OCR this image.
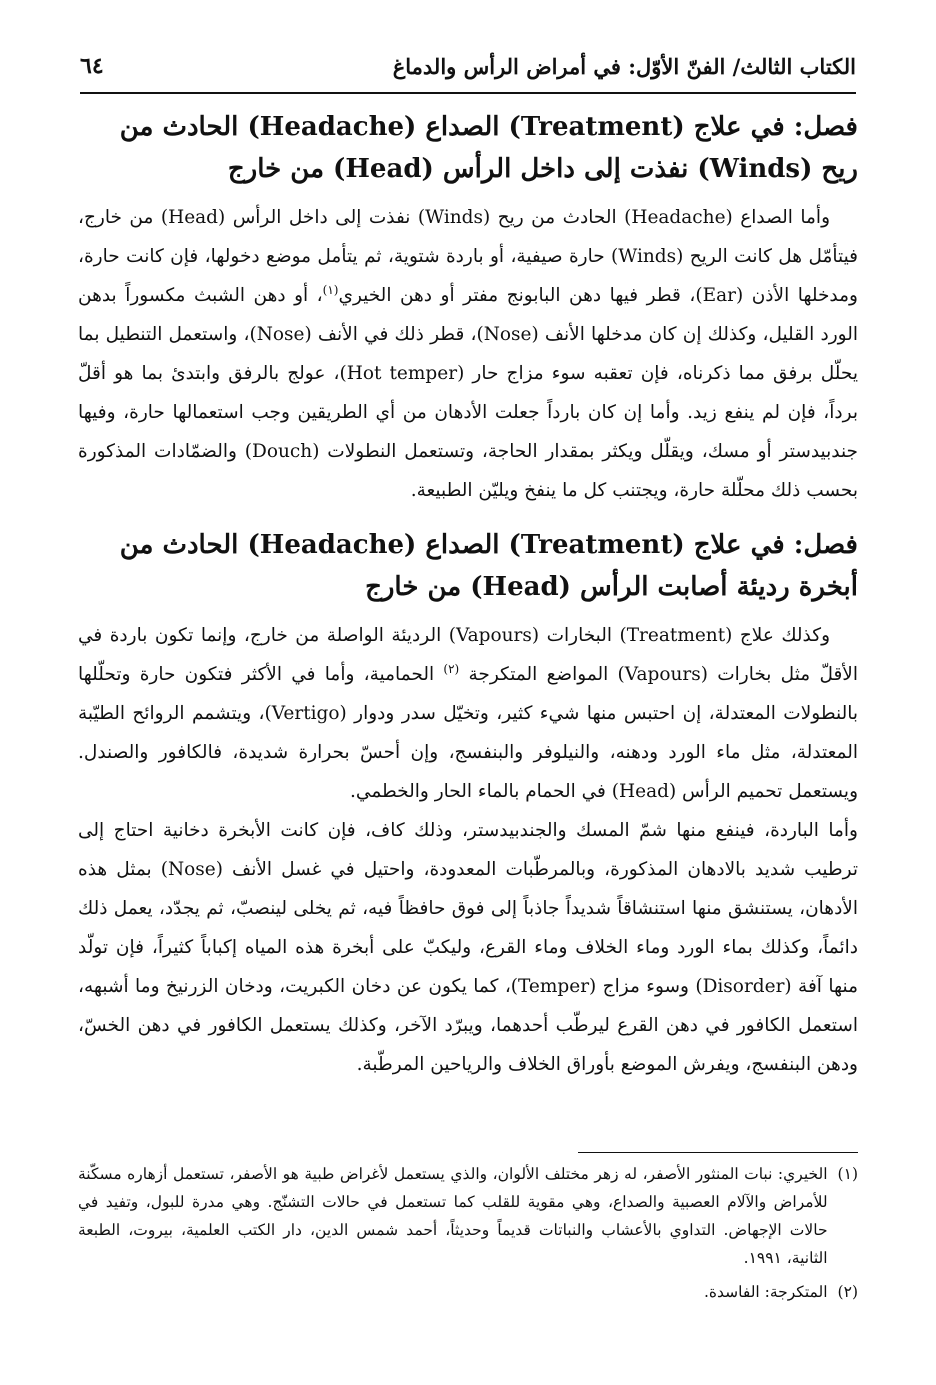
الكتاب الثالث/ الفنّ الأوّل: في أمراض الرأس والدماغ
٦٤
فصل: في علاج (Treatment) الصداع (Headache) الحادث من ريح (Winds) نفذت إلى داخل الرأس (Head) من خارج

وأما الصداع (Headache) الحادث من ريح (Winds) نفذت إلى داخل الرأس (Head) من خارج، فيتأمّل هل كانت الريح (Winds) حارة صيفية، أو باردة شتوية، ثم يتأمل موضع دخولها، فإن كانت حارة، ومدخلها الأذن (Ear)، قطر فيها دهن البابونج مفتر أو دهن الخيري$^{(١)}$، أو دهن الشبث مكسوراً بدهن الورد القليل، وكذلك إن كان مدخلها الأنف (Nose)، قطر ذلك في الأنف (Nose)، واستعمل التنطيل بما يحلّل برفق مما ذكرناه، فإن تعقبه سوء مزاج حار (Hot temper)، عولج بالرفق وابتدئ بما هو أقلّ برداً، فإن لم ينفع زيد. وأما إن كان بارداً جعلت الأدهان من أي الطريقين وجب استعمالها حارة، وفيها جندبيدستر أو مسك، ويقلّل ويكثر بمقدار الحاجة، وتستعمل النطولات (Douch) والضمّادات المذكورة بحسب ذلك محلّلة حارة، ويجتنب كل ما ينفخ ويليّن الطبيعة.

فصل: في علاج (Treatment) الصداع (Headache) الحادث من أبخرة رديئة أصابت الرأس (Head) من خارج

وكذلك علاج (Treatment) البخارات (Vapours) الرديئة الواصلة من خارج، وإنما تكون باردة في الأقلّ مثل بخارات (Vapours) المواضع المتكرجة $^{(٢)}$ الحمامية، وأما في الأكثر فتكون حارة وتحلّلها بالنطولات المعتدلة، إن احتبس منها شيء كثير، وتخيّل سدر ودوار (Vertigo)، ويتشمم الروائح الطيّبة المعتدلة، مثل ماء الورد ودهنه، والنيلوفر والبنفسج، وإن أحسّ بحرارة شديدة، فالكافور والصندل. ويستعمل تحميم الرأس (Head) في الحمام بالماء الحار والخطمي.

وأما الباردة، فينفع منها شمّ المسك والجندبيدستر، وذلك كاف، فإن كانت الأبخرة دخانية احتاج إلى ترطيب شديد بالادهان المذكورة، وبالمرطّبات المعدودة، واحتيل في غسل الأنف (Nose) بمثل هذه الأدهان، يستنشق منها استنشاقاً شديداً جاذباً إلى فوق حافظاً فيه، ثم يخلى لينصبّ، ثم يجدّد، يعمل ذلك دائماً، وكذلك بماء الورد وماء الخلاف وماء القرع، وليكبّ على أبخرة هذه المياه إكباباً كثيراً، فإن تولّد منها آفة (Disorder) وسوء مزاج (Temper)، كما يكون عن دخان الكبريت، ودخان الزرنيخ وما أشبهه، استعمل الكافور في دهن القرع ليرطّب أحدهما، ويبرّد الآخر، وكذلك يستعمل الكافور في دهن الخسّ، ودهن البنفسج، ويفرش الموضع بأوراق الخلاف والرياحين المرطّبة.

(١)
الخيري: نبات المنثور الأصفر، له زهر مختلف الألوان، والذي يستعمل لأغراض طبية هو الأصفر، تستعمل أزهاره مسكّنة للأمراض والآلام العصبية والصداع، وهي مقوية للقلب كما تستعمل في حالات التشنّج. وهي مدرة للبول، وتفيد في حالات الإجهاض. التداوي بالأعشاب والنباتات قديماً وحديثاً، أحمد شمس الدين، دار الكتب العلمية، بيروت، الطبعة الثانية، ١٩٩١.
(٢)
المتكرجة: الفاسدة.
